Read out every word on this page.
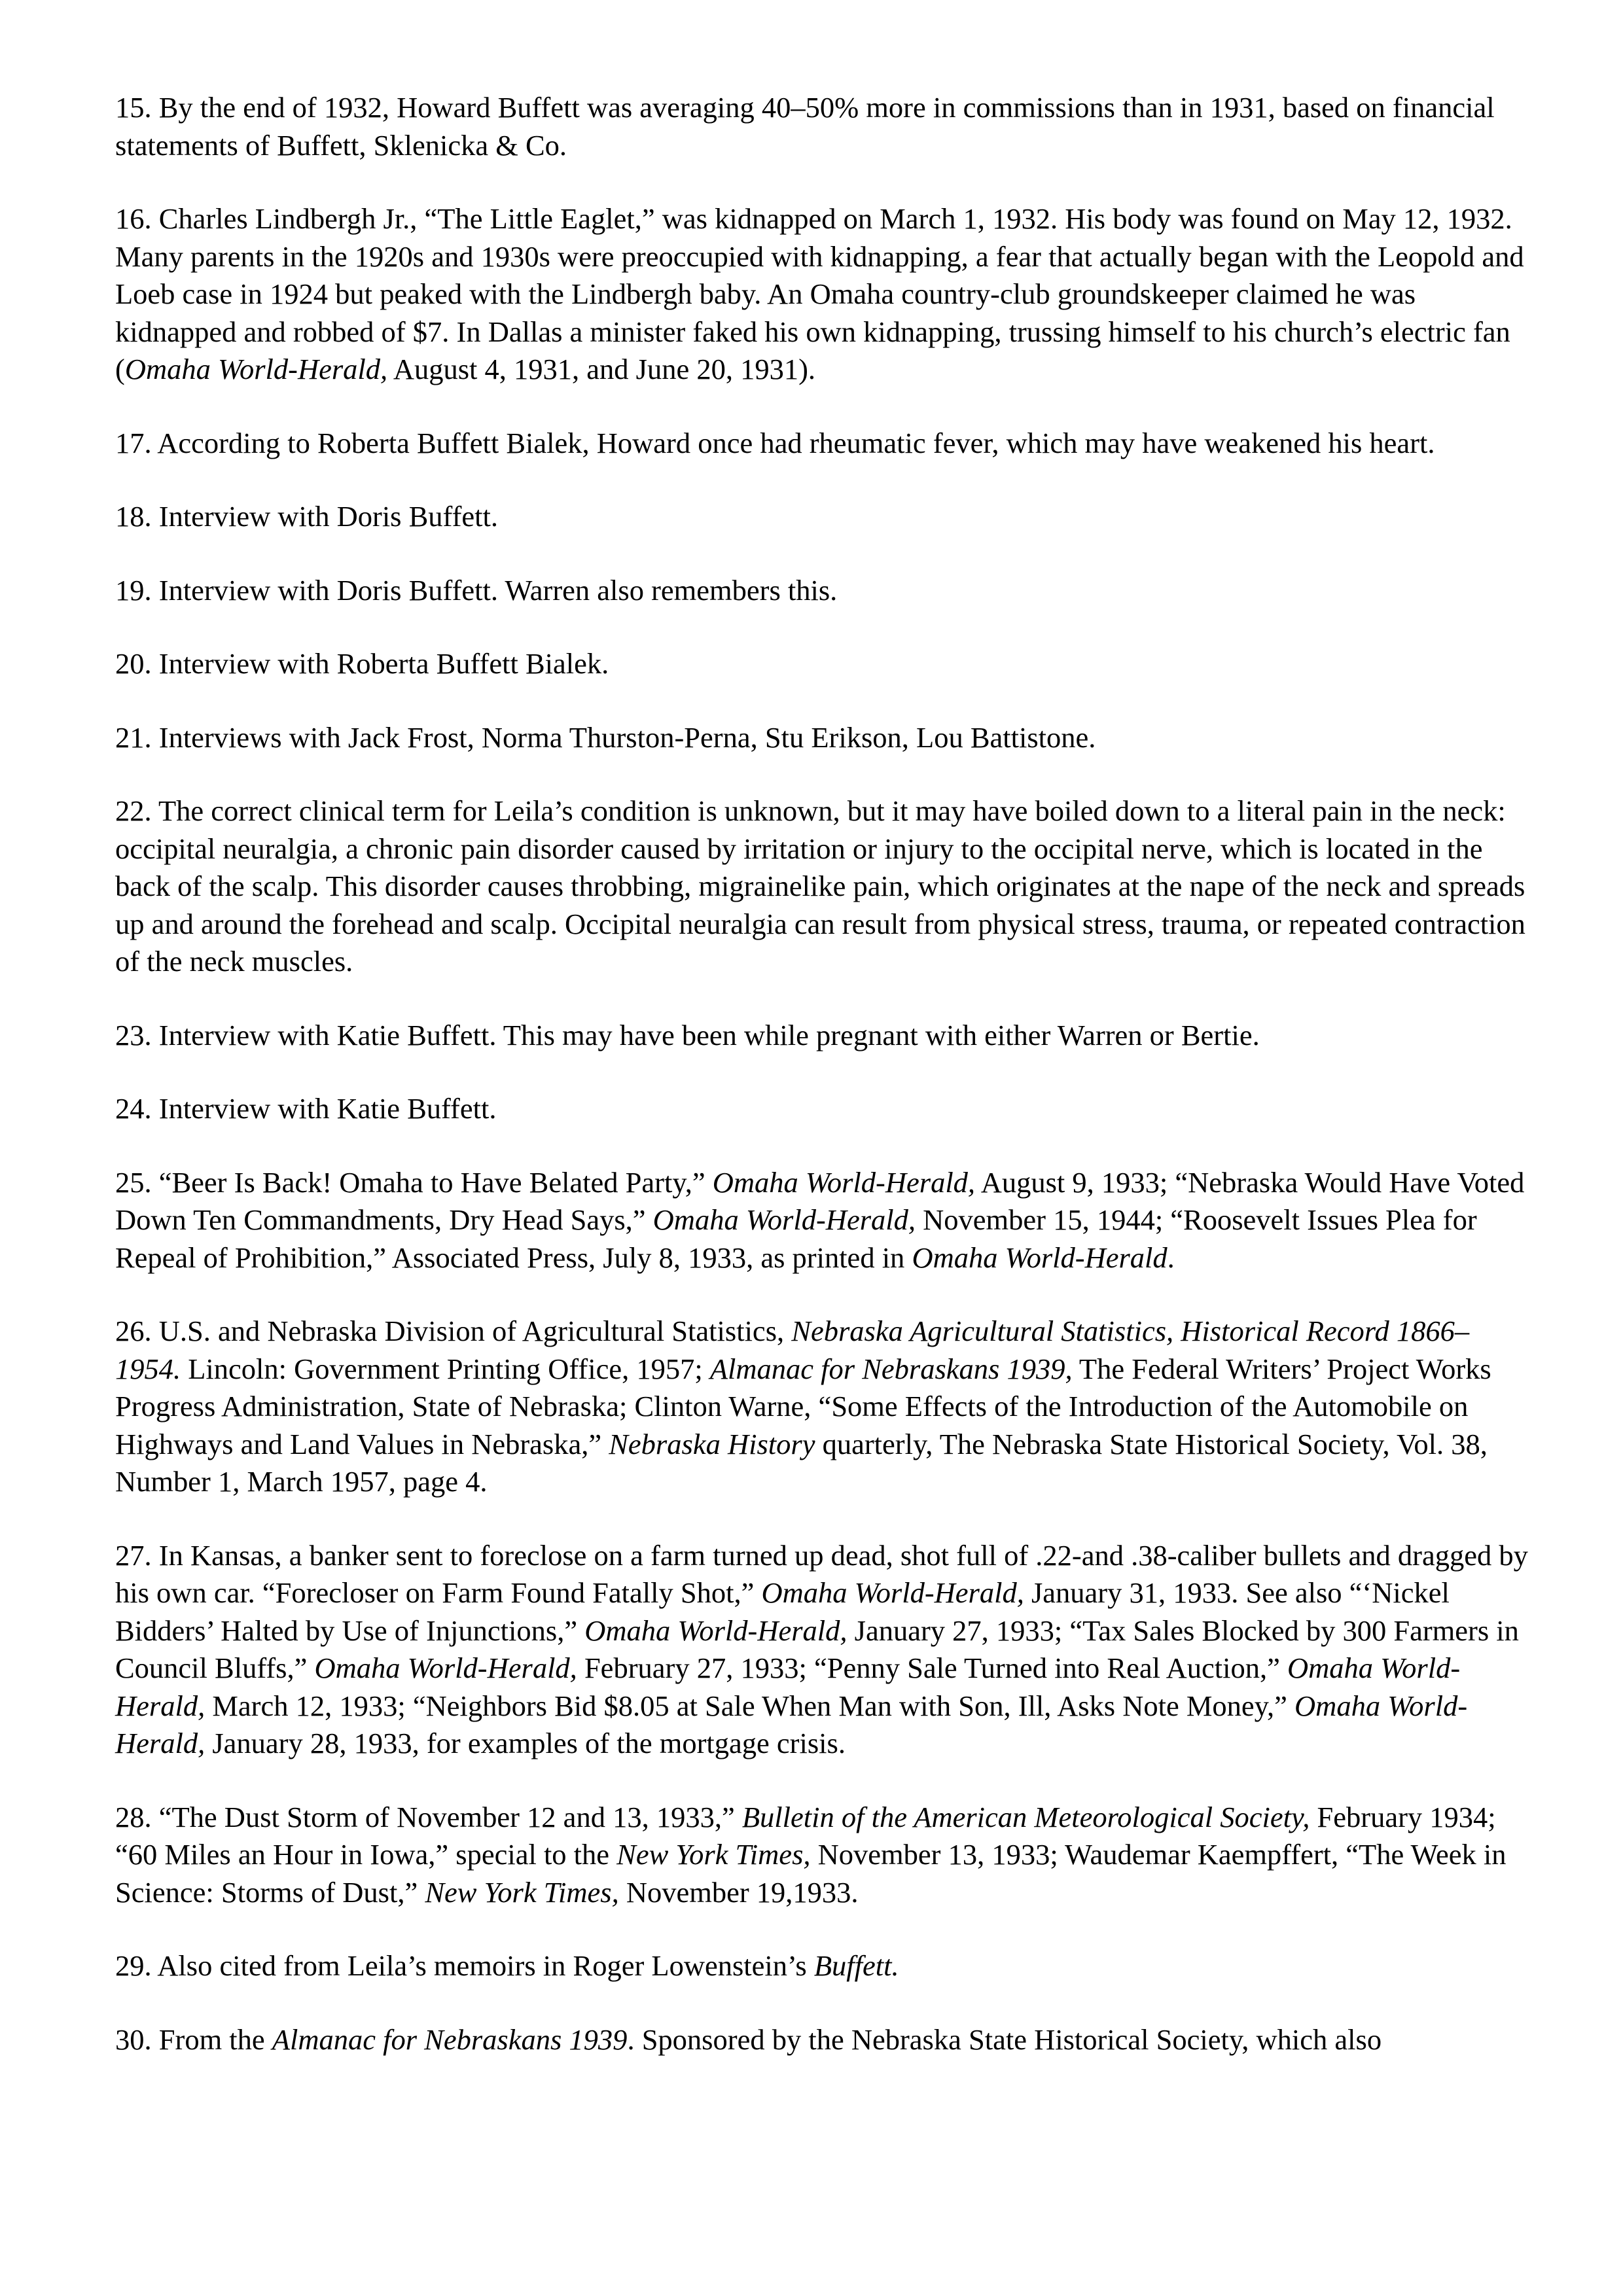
15. By the end of 1932, Howard Buffett was averaging 40–50% more in commissions than in 1931, based on financial statements of Buffett, Sklenicka & Co.

16. Charles Lindbergh Jr., “The Little Eaglet,” was kidnapped on March 1, 1932. His body was found on May 12, 1932. Many parents in the 1920s and 1930s were preoccupied with kidnapping, a fear that actually began with the Leopold and Loeb case in 1924 but peaked with the Lindbergh baby. An Omaha country-club groundskeeper claimed he was kidnapped and robbed of $7. In Dallas a minister faked his own kidnapping, trussing himself to his church’s electric fan (Omaha World-Herald, August 4, 1931, and June 20, 1931).

17. According to Roberta Buffett Bialek, Howard once had rheumatic fever, which may have weakened his heart.

18. Interview with Doris Buffett.

19. Interview with Doris Buffett. Warren also remembers this.

20. Interview with Roberta Buffett Bialek.

21. Interviews with Jack Frost, Norma Thurston-Perna, Stu Erikson, Lou Battistone.

22. The correct clinical term for Leila’s condition is unknown, but it may have boiled down to a literal pain in the neck: occipital neuralgia, a chronic pain disorder caused by irritation or injury to the occipital nerve, which is located in the back of the scalp. This disorder causes throbbing, migrainelike pain, which originates at the nape of the neck and spreads up and around the forehead and scalp. Occipital neuralgia can result from physical stress, trauma, or repeated contraction of the neck muscles.

23. Interview with Katie Buffett. This may have been while pregnant with either Warren or Bertie.

24. Interview with Katie Buffett.

25. “Beer Is Back! Omaha to Have Belated Party,” Omaha World-Herald, August 9, 1933; “Nebraska Would Have Voted Down Ten Commandments, Dry Head Says,” Omaha World-Herald, November 15, 1944; “Roosevelt Issues Plea for Repeal of Prohibition,” Associated Press, July 8, 1933, as printed in Omaha World-Herald.

26. U.S. and Nebraska Division of Agricultural Statistics, Nebraska Agricultural Statistics, Historical Record 1866–1954. Lincoln: Government Printing Office, 1957; Almanac for Nebraskans 1939, The Federal Writers’ Project Works Progress Administration, State of Nebraska; Clinton Warne, “Some Effects of the Introduction of the Automobile on Highways and Land Values in Nebraska,” Nebraska History quarterly, The Nebraska State Historical Society, Vol. 38, Number 1, March 1957, page 4.

27. In Kansas, a banker sent to foreclose on a farm turned up dead, shot full of .22-and .38-caliber bullets and dragged by his own car. “Forecloser on Farm Found Fatally Shot,” Omaha World-Herald, January 31, 1933. See also “‘Nickel Bidders’ Halted by Use of Injunctions,” Omaha World-Herald, January 27, 1933; “Tax Sales Blocked by 300 Farmers in Council Bluffs,” Omaha World-Herald, February 27, 1933; “Penny Sale Turned into Real Auction,” Omaha World-Herald, March 12, 1933; “Neighbors Bid $8.05 at Sale When Man with Son, Ill, Asks Note Money,” Omaha World-Herald, January 28, 1933, for examples of the mortgage crisis.

28. “The Dust Storm of November 12 and 13, 1933,” Bulletin of the American Meteorological Society, February 1934; “60 Miles an Hour in Iowa,” special to the New York Times, November 13, 1933; Waudemar Kaempffert, “The Week in Science: Storms of Dust,” New York Times, November 19,1933.

29. Also cited from Leila’s memoirs in Roger Lowenstein’s Buffett.

30. From the Almanac for Nebraskans 1939. Sponsored by the Nebraska State Historical Society, which also
